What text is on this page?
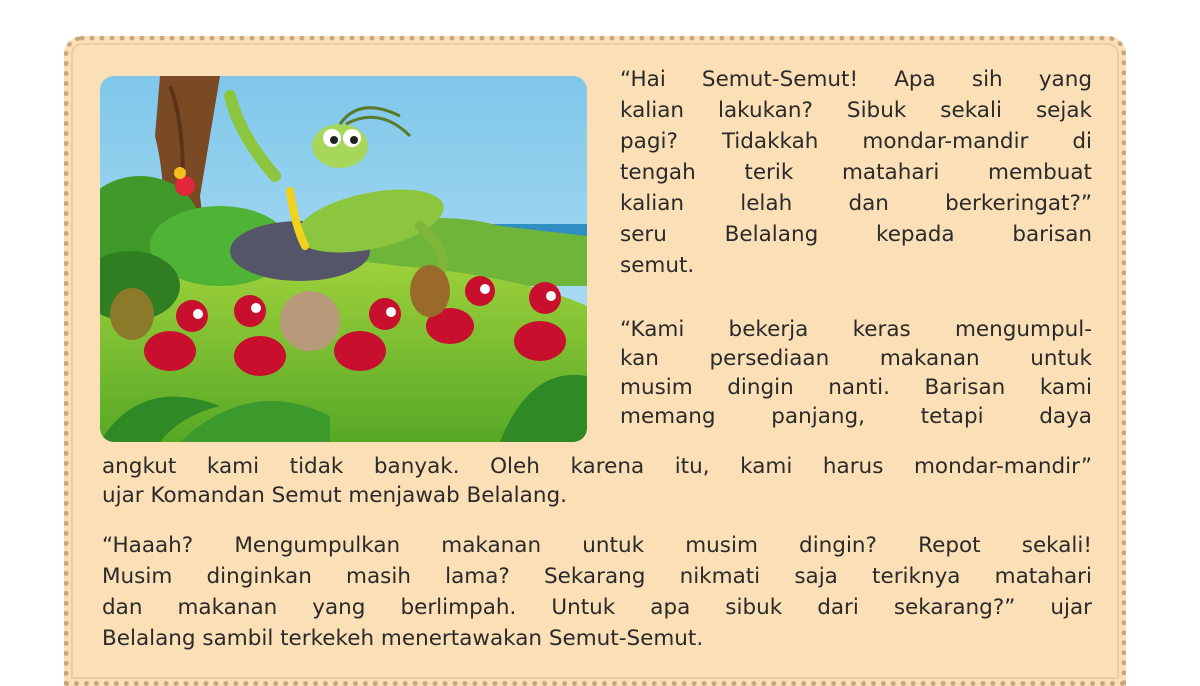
“Hai Semut-Semut! Apa sih yang
kalian lakukan? Sibuk sekali sejak
pagi? Tidakkah mondar-mandir di
tengah terik matahari membuat
kalian lelah dan berkeringat?”
seru Belalang kepada barisan
semut.
“Kami bekerja keras mengumpul-
kan persediaan makanan untuk
musim dingin nanti. Barisan kami
memang panjang, tetapi daya
angkut kami tidak banyak. Oleh karena itu, kami harus mondar-mandir”
ujar Komandan Semut menjawab Belalang.
“Haaah? Mengumpulkan makanan untuk musim dingin? Repot sekali!
Musim dinginkan masih lama? Sekarang nikmati saja teriknya matahari
dan makanan yang berlimpah. Untuk apa sibuk dari sekarang?” ujar
Belalang sambil terkekeh menertawakan Semut-Semut.
